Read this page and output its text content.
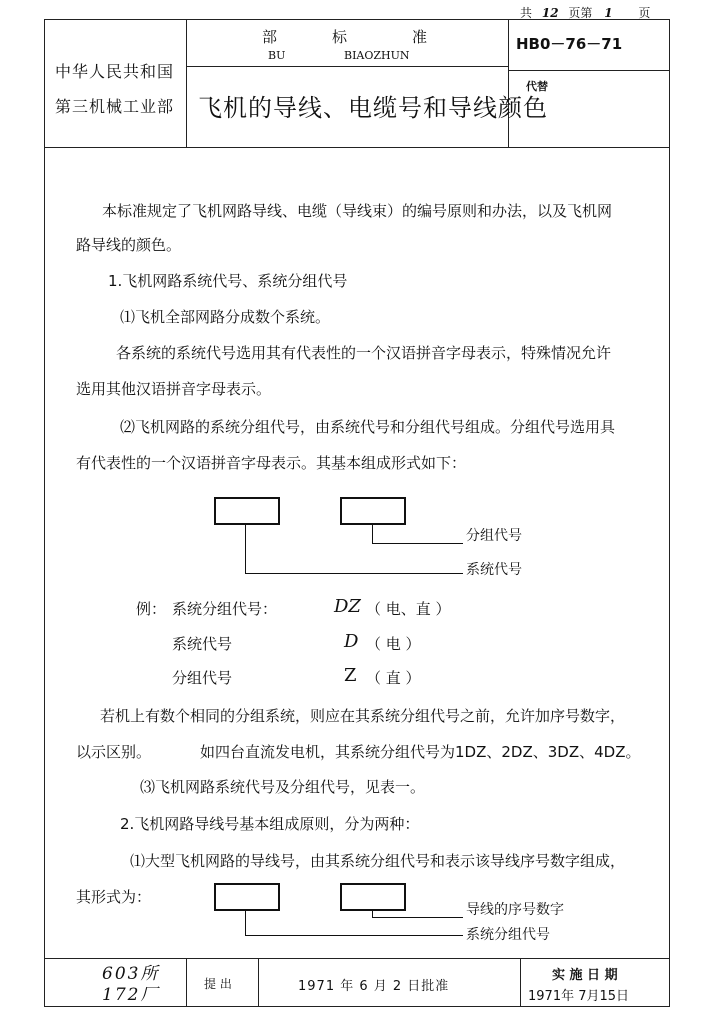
共 12 页第 1 页
中华人民共和国
第三机械工业部
部	标	准
BU	BIAOZHUN
飞机的导线、电缆号和导线颜色
HB0－76－71
代替
本标准规定了飞机网路导线、电缆（导线束）的编号原则和办法，以及飞机网
路导线的颜色。
1.飞机网路系统代号、系统分组代号
⑴飞机全部网路分成数个系统。
各系统的系统代号选用其有代表性的一个汉语拼音字母表示，特殊情况允许
选用其他汉语拼音字母表示。
⑵飞机网路的系统分组代号，由系统代号和分组代号组成。分组代号选用具
有代表性的一个汉语拼音字母表示。其基本组成形式如下：
分组代号
系统代号
例： 系统分组代号：	DZ （ 电、直 ）
系统代号	D （ 电 ）
分组代号	Z （ 直 ）
若机上有数个相同的分组系统，则应在其系统分组代号之前，允许加序号数字，
以示区别。	如四台直流发电机，其系统分组代号为1DZ、2DZ、3DZ、4DZ。
⑶飞机网路系统代号及分组代号，见表一。
2.飞机网路导线号基本组成原则，分为两种：
⑴大型飞机网路的导线号，由其系统分组代号和表示该导线序号数字组成，
其形式为：
导线的序号数字
系统分组代号
603所
172厂
提 出	1971 年 6 月 2 日批准
实 施 日 期
1971年 7月15日
